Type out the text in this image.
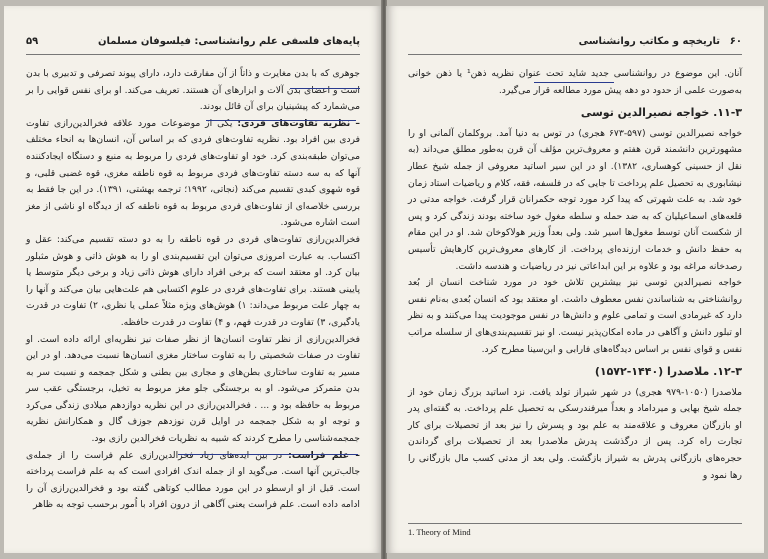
۵۹	پایه‌های فلسفی علم روانشناسی: فیلسوفان مسلمان

جوهری که با بدن مغایرت و ذاتاً از آن مفارقت دارد، دارای پیوند تصرفی و تدبیری با بدن است و اعضای بدن آلات و ابزارهای آن هستند. تعریف می‌کند. او برای نفس قوایی را بر می‌شمارد که پیشینیان برای آن قائل بودند.

– نظریه تفاوت‌های فردی: یکی از موضوعات مورد علاقه فخرالدین‌رازی تفاوت فردی بین افراد بود. نظریه تفاوت‌های فردی که بر اساس آن، انسان‌ها به انحاء مختلف می‌توان طبقه‌بندی کرد. خود او تفاوت‌های فردی را مربوط به منبع و دستگاه ایجادکننده آنها که به سه دسته تفاوت‌های فردی مربوط به قوه ناطقه مغزی، قوه غضبی قلبی، و قوه شهوی کبدی تقسیم می‌کند (نجاتی، ۱۹۹۲؛ ترجمه بهشتی، ۱۳۹۱). در این جا فقط به بررسی خلاصه‌ای از تفاوت‌های فردی مربوط به قوه ناطقه که از دیدگاه او ناشی از مغز است اشاره می‌شود.

فخرالدین‌رازی تفاوت‌های فردی در قوه ناطقه را به دو دسته تقسیم می‌کند: عقل و اکتساب. به عبارت امروزی می‌توان این تقسیم‌بندی او را به هوش ذاتی و هوش مثبلور بیان کرد. او معتقد است که برخی افراد دارای هوش ذاتی زیاد و برخی دیگر متوسط یا پایینی هستند. برای تفاوت‌های فردی در علوم اکتسابی هم علت‌هایی بیان می‌کند و آنها را به چهار علت مربوط می‌داند: ۱) هوش‌های ویژه مثلاً عملی یا نظری، ۲) تفاوت در قدرت یادگیری، ۳) تفاوت در قدرت فهم، و ۴) تفاوت در قدرت حافظه.

فخرالدین‌رازی از نظر تفاوت انسان‌ها از نظر صفات نیز نظریه‌ای ارائه داده است. او تفاوت در صفات شخصیتی را به تفاوت ساختار مغزی انسان‌ها نسبت می‌دهد. او در این مسیر به تفاوت ساختاری بطن‌های و مجاری بین بطنی و شکل جمجمه و نسبت سر به بدن متمرکز می‌شود. او به برجستگی جلو مغز مربوط به تخیل، برجستگی عقب سر مربوط به حافظه بود و ... . فخرالدین‌رازی در این نظریه دوازدهم میلادی زندگی می‌کرد و توجه او به شکل جمجمه در اوایل قرن نوزدهم جوزف گال و همکارانش نظریه جمجمه‌شناسی را مطرح کردند که شبیه به نظریات فخرالدین رازی بود.

– علم فراست: در بین ایده‌های زیاد فخرالدین‌رازی علم فراست را از جمله‌ی جالب‌ترین آنها است. می‌گوید او از جمله اندک افرادی است که به علم فراست پرداخته است. قبل از او ارسطو در این مورد مطالب کوتاهی گفته بود و فخرالدین‌رازی آن را ادامه داده است. علم فراست یعنی آگاهی از درون افراد با اُمور برحسب توجه به ظاهر

۶۰
تاریخچه و مکاتب روانشناسی

آنان. این موضوع در روانشناسی جدید شاید تحت عنوان نظریه ذهن¹ یا ذهن خوانی به‌صورت علمی از حدود دو دهه پیش مورد مطالعه قرار می‌گیرد.

۱۱-۳. خواجه نصیرالدین توسی

خواجه نصیرالدین توسی (۵۹۷-۶۷۳ هجری) در توس به دنیا آمد. بروکلمان آلمانی او را مشهورترین دانشمند قرن هفتم و معروف‌ترین مؤلف آن قرن به‌طور مطلق می‌داند (به نقل از حسینی کوهساری، ۱۳۸۲). او در این سیر اساتید معروفی از جمله شیخ عطار نیشابوری به تحصیل علم پرداخت تا جایی که در فلسفه، فقه، کلام و ریاضیات استاد زمان خود شد. به علت شهرتی که پیدا کرد مورد توجه حکمرانان قرار گرفت. خواجه مدتی در قلعه‌های اسماعیلیان که به ضد حمله و سلطه مغول خود ساخته بودند زندگی کرد و پس از شکست آنان توسط مغول‌ها اسیر شد. ولی بعداً وزیر هولاکوخان شد. او در این مقام به حفظ دانش و خدمات ارزنده‌ای پرداخت. از کارهای معروف‌ترین کارهایش تأسیس رصدخانه مراغه بود و علاوه بر این ابداعاتی نیز در ریاضیات و هندسه داشت.

خواجه نصیرالدین توسی نیز بیشترین تلاش خود در مورد شناخت انسان از بُعد روانشناختی به شناساندن نفس معطوف داشت. او معتقد بود که انسان بُعدی به‌نام نفس دارد که غیرمادی است و تمامی علوم و دانش‌ها در نفس موجودیت پیدا می‌کنند و به نظر او تبلور دانش و آگاهی در ماده امکان‌پذیر نیست. او نیز تقسیم‌بندی‌های از سلسله مراتب نفس و قوای نفس بر اساس دیدگاه‌های فارابی و ابن‌سینا مطرح کرد.

۱۲-۳. ملاصدرا (۱۴۴۰-۱۵۷۲)

ملاصدرا (۱۰۵۰-۹۷۹ هجری) در شهر شیراز تولد یافت. نزد اساتید بزرگ زمان خود از جمله شیخ بهایی و میرداماد و بعداً میرفندرسکی به تحصیل علم پرداخت. به گفته‌ای پدر او بازرگان معروف و علاقه‌مند به علم بود و پسرش را نیز بعد از تحصیلات برای کار تجارت راه کرد. پس از درگذشت پدرش ملاصدرا بعد از تحصیلات برای گرداندن حجره‌های بازرگانی پدرش به شیراز بازگشت. ولی بعد از مدتی کسب مال بازرگانی را رها نمود و

1. Theory of Mind
